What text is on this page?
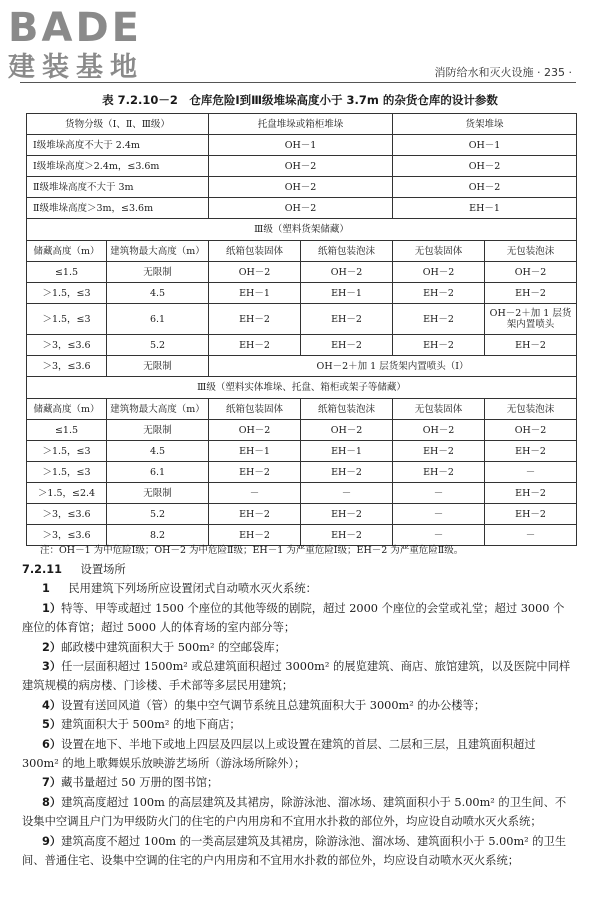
BADE
建装基地	消防给水和灭火设施 · 235 ·
表 7.2.10－2　仓库危险Ⅰ到Ⅲ级堆垛高度小于 3.7m 的杂货仓库的设计参数
货物分级（Ⅰ、Ⅱ、Ⅲ级）		托盘堆垛或箱柜堆垛		货架堆垛	
Ⅰ级堆垛高度不大于 2.4m		OH－1		OH－1	
Ⅰ级堆垛高度＞2.4m，≤3.6m		OH－2		OH－2	
Ⅱ级堆垛高度不大于 3m		OH－2		OH－2	
Ⅱ级堆垛高度＞3m，≤3.6m		OH－2		EH－1	
Ⅲ级（塑料货架储藏）					
储藏高度（m）	建筑物最大高度（m）	纸箱包装固体	纸箱包装泡沫	无包装固体	无包装泡沫
≤1.5	无限制	OH－2	OH－2	OH－2	OH－2
＞1.5，≤3	4.5	EH－1	EH－1	EH－2	EH－2
＞1.5，≤3	6.1	EH－2	EH－2	EH－2	OH－2＋加 1 层货架内置喷头
＞3，≤3.6	5.2	EH－2	EH－2	EH－2	EH－2
＞3，≤3.6	无限制	OH－2＋加 1 层货架内置喷头（Ⅰ）			
Ⅲ级（塑料实体堆垛、托盘、箱柜或架子等储藏）					
储藏高度（m）	建筑物最大高度（m）	纸箱包装固体	纸箱包装泡沫	无包装固体	无包装泡沫
≤1.5	无限制	OH－2	OH－2	OH－2	OH－2
＞1.5，≤3	4.5	EH－1	EH－1	EH－2	EH－2
＞1.5，≤3	6.1	EH－2	EH－2	EH－2	－
＞1.5，≤2.4	无限制	－	－	－	EH－2
＞3，≤3.6	5.2	EH－2	EH－2	－	EH－2
＞3，≤3.6	8.2	EH－2	EH－2	－	－
注：OH－1 为中危险Ⅰ级；OH－2 为中危险Ⅱ级；EH－1 为严重危险Ⅰ级；EH－2 为严重危险Ⅱ级。

7.2.11 　 设置场所

1 　 民用建筑下列场所应设置闭式自动喷水灭火系统：

1）特等、甲等或超过 1500 个座位的其他等级的剧院，超过 2000 个座位的会堂或礼堂；超过 3000 个座位的体育馆；超过 5000 人的体育场的室内部分等；

2）邮政楼中建筑面积大于 500m² 的空邮袋库；

3）任一层面积超过 1500m² 或总建筑面积超过 3000m² 的展览建筑、商店、旅馆建筑，以及医院中同样建筑规模的病房楼、门诊楼、手术部等多层民用建筑；

4）设置有送回风道（管）的集中空气调节系统且总建筑面积大于 3000m² 的办公楼等；

5）建筑面积大于 500m² 的地下商店；

6）设置在地下、半地下或地上四层及四层以上或设置在建筑的首层、二层和三层，且建筑面积超过 300m² 的地上歌舞娱乐放映游艺场所（游泳场所除外）；

7）藏书量超过 50 万册的图书馆；

8）建筑高度超过 100m 的高层建筑及其裙房，除游泳池、溜冰场、建筑面积小于 5.00m² 的卫生间、不设集中空调且户门为甲级防火门的住宅的户内用房和不宜用水扑救的部位外，均应设自动喷水灭火系统；

9）建筑高度不超过 100m 的一类高层建筑及其裙房，除游泳池、溜冰场、建筑面积小于 5.00m² 的卫生间、普通住宅、设集中空调的住宅的户内用房和不宜用水扑救的部位外，均应设自动喷水灭火系统；
